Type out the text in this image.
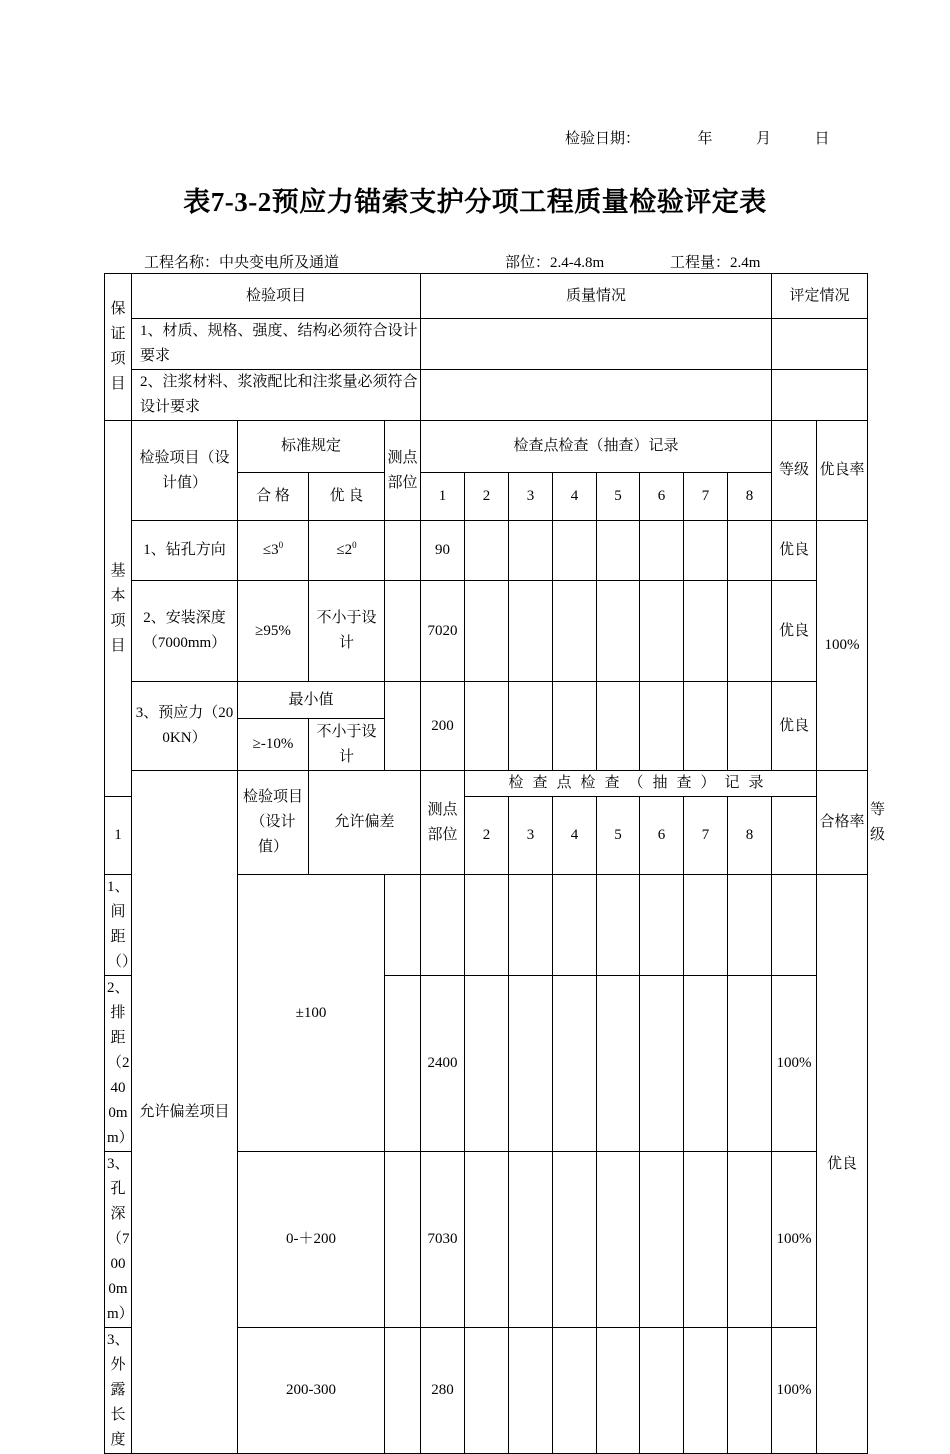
检验日期：	年	月	日
表7-3-2预应力锚索支护分项工程质量检验评定表
工程名称：中央变电所及通道	部位：2.4-4.8m	工程量：2.4m
保证项目	检验项目				质量情况								评定情况		
	1、材质、规格、强度、结构必须符合设计要求														
	2、注浆材料、浆液配比和注浆量必须符合设计要求														
基本项目	检验项目（设计值）	标准规定		测点部位	检查点检查（抽查）记录								等级	优良率	
		合 格	优 良		1	2	3	4	5	6	7	8			
	1、钻孔方向	$\le 3^0$	$\le 2^0$		90								优良	100%	
	2、安装深度（7000mm）	≥95%	不小于设计		7020								优良		
	3、预应力（200KN）	最小值			200								优良		
		≥-10%	不小于设计												
	允许偏差项目	检验项目（设计值）	允许偏差		测点部位	检查点检查（抽查）记录								合格率	等级
1						2	3	4	5	6	7	8			
1、间距（）		±100												优良	
2、排距（2400mm）					2400								100%		
3、孔深（7000mm）		0-＋200			7030								100%		
3、外露长度		200-300			280								100%		
